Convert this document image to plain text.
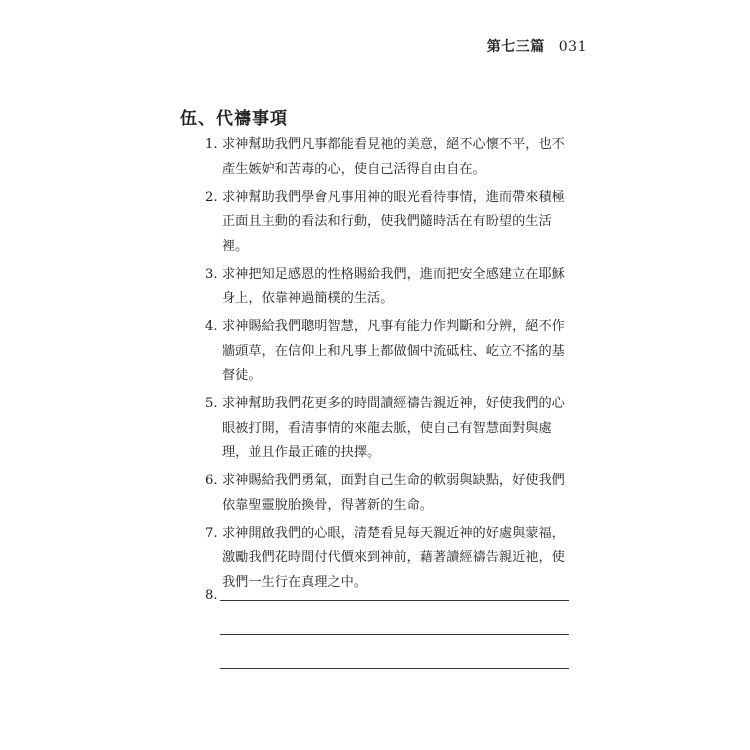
第七三篇 031
伍、代禱事項
1. 求神幫助我們凡事都能看見祂的美意，絕不心懷不平，也不
產生嫉妒和苦毒的心，使自己活得自由自在。
2. 求神幫助我們學會凡事用神的眼光看待事情，進而帶來積極
正面且主動的看法和行動，使我們隨時活在有盼望的生活
裡。
3. 求神把知足感恩的性格賜給我們，進而把安全感建立在耶穌
身上，依靠神過簡樸的生活。
4. 求神賜給我們聰明智慧，凡事有能力作判斷和分辨，絕不作
牆頭草，在信仰上和凡事上都做個中流砥柱、屹立不搖的基
督徒。
5. 求神幫助我們花更多的時間讀經禱告親近神，好使我們的心
眼被打開，看清事情的來龍去脈，使自己有智慧面對與處
理，並且作最正確的抉擇。
6. 求神賜給我們勇氣，面對自己生命的軟弱與缺點，好使我們
依靠聖靈脫胎換骨，得著新的生命。
7. 求神開啟我們的心眼，清楚看見每天親近神的好處與蒙福，
激勵我們花時間付代價來到神前，藉著讀經禱告親近祂，使
我們一生行在真理之中。
8.
